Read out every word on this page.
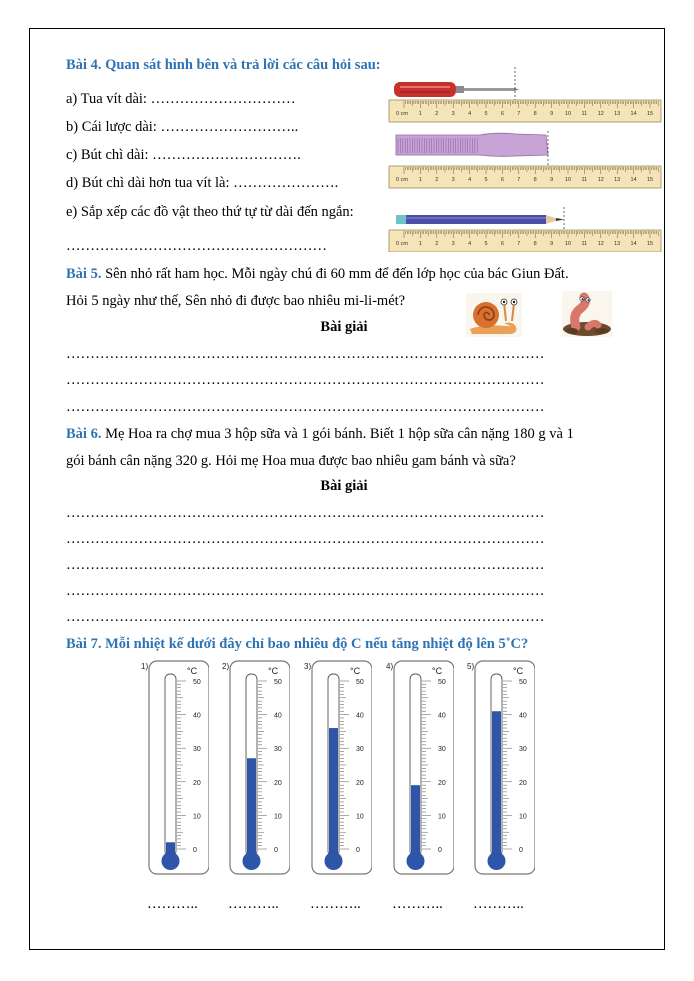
Bài 4. Quan sát hình bên và trả lời các câu hỏi sau:
a) Tua vít dài: …………………………
b) Cái lược dài: ………………………..
c) Bút chì dài: ………………………….
d) Bút chì dài hơn tua vít là: ………………….
e) Sắp xếp các đồ vật theo thứ tự từ dài đến ngắn:
………………………………………………
0 cm 1 2 3 4 5 6 7 8 9 10 11 12 13 14 15
0 cm 1 2 3 4 5 6 7 8 9 10 11 12 13 14 15
0 cm 1 2 3 4 5 6 7 8 9 10 11 12 13 14 15
Bài 5. Sên nhỏ rất ham học. Mỗi ngày chú đi 60 mm để đến lớp học của bác Giun Đất.
Hỏi 5 ngày như thế, Sên nhỏ đi được bao nhiêu mi-li-mét?
Bài giải
………………………………………………………………………………………
………………………………………………………………………………………
………………………………………………………………………………………
Bài 6. Mẹ Hoa ra chợ mua 3 hộp sữa và 1 gói bánh. Biết 1 hộp sữa cân nặng 180 g và 1
gói bánh cân nặng 320 g. Hỏi mẹ Hoa mua được bao nhiêu gam bánh và sữa?
Bài giải
………………………………………………………………………………………
………………………………………………………………………………………
………………………………………………………………………………………
………………………………………………………………………………………
………………………………………………………………………………………
Bài 7. Mỗi nhiệt kế dưới đây chỉ bao nhiêu độ C nếu tăng nhiệt độ lên 5˚C?
1)	°C
50
40
30
20
10
0
………..
2)	°C
50
40
30
20
10
0
………..
3)	°C
50
40
30
20
10
0
………..
4)	°C
50
40
30
20
10
0
………..
5)	°C
50
40
30
20
10
0
………..
